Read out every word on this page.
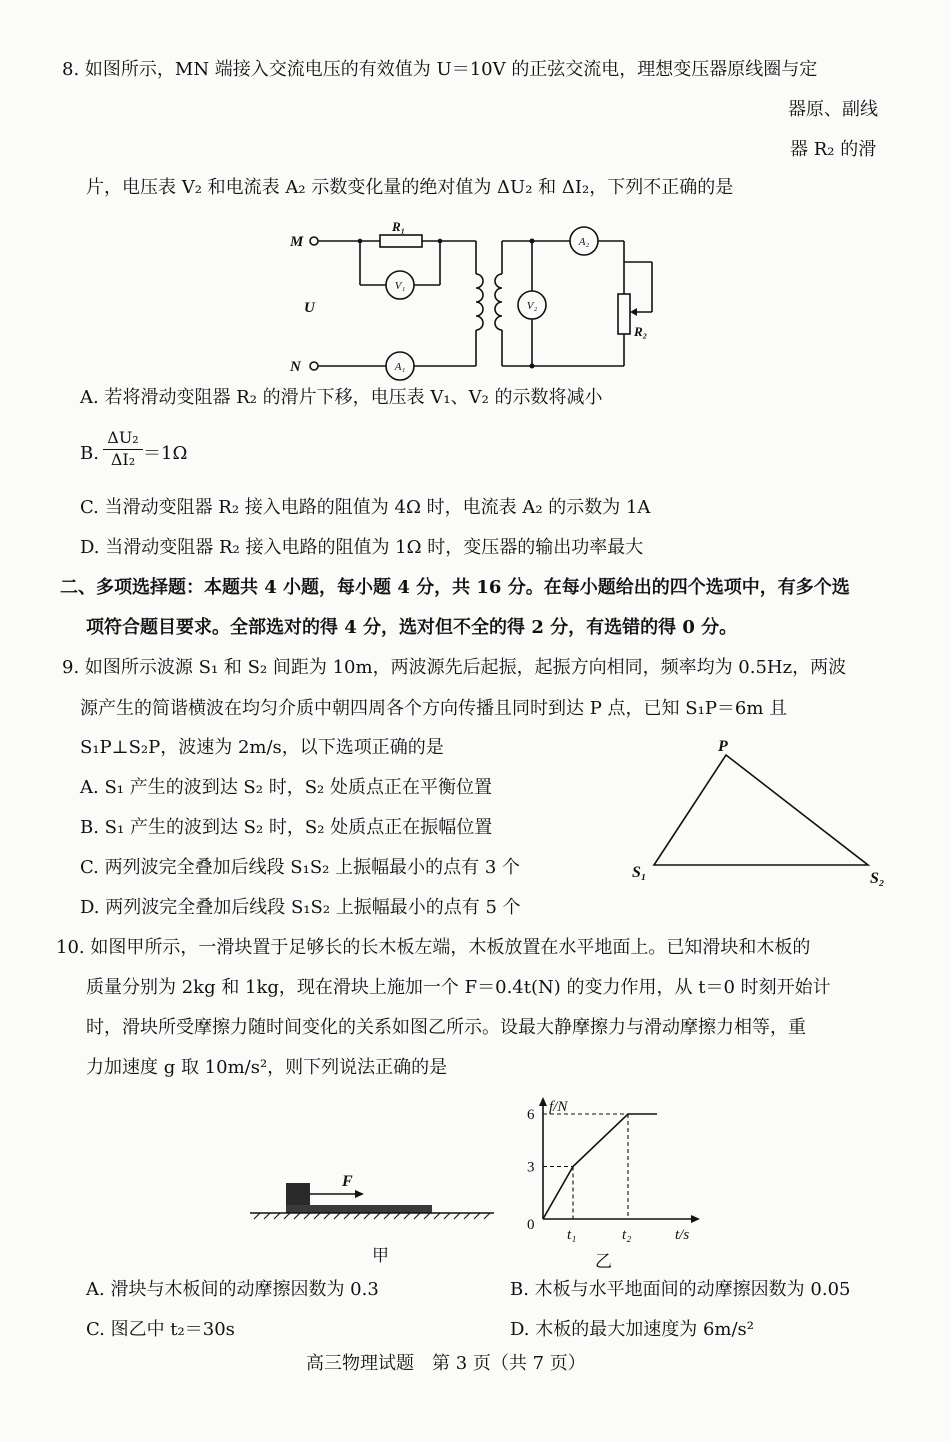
8. 如图所示，MN 端接入交流电压的有效值为 U＝10V 的正弦交流电，理想变压器原线圈与定
器原、副线
器 R₂ 的滑
片，电压表 V₂ 和电流表 A₂ 示数变化量的绝对值为 ΔU₂ 和 ΔI₂，下列不正确的是
M
N
U
R₁
R₂
V₁
V₂
A₁
A₂
A. 若将滑动变阻器 R₂ 的滑片下移，电压表 V₁、V₂ 的示数将减小
B. $\frac{\text{ΔU₂}}{\text{ΔI₂}} =1\Omega$
C. 当滑动变阻器 R₂ 接入电路的阻值为 4Ω 时，电流表 A₂ 的示数为 1A
D. 当滑动变阻器 R₂ 接入电路的阻值为 1Ω 时，变压器的输出功率最大
二、多项选择题：本题共 4 小题，每小题 4 分，共 16 分。在每小题给出的四个选项中，有多个选
项符合题目要求。全部选对的得 4 分，选对但不全的得 2 分，有选错的得 0 分。
9. 如图所示波源 S₁ 和 S₂ 间距为 10m，两波源先后起振，起振方向相同，频率均为 0.5Hz，两波
源产生的简谐横波在均匀介质中朝四周各个方向传播且同时到达 P 点，已知 S₁P＝6m 且
S₁P⊥S₂P，波速为 2m/s，以下选项正确的是
A. S₁ 产生的波到达 S₂ 时，S₂ 处质点正在平衡位置
B. S₁ 产生的波到达 S₂ 时，S₂ 处质点正在振幅位置
C. 两列波完全叠加后线段 S₁S₂ 上振幅最小的点有 3 个
D. 两列波完全叠加后线段 S₁S₂ 上振幅最小的点有 5 个
P
S₁	S₂
10. 如图甲所示，一滑块置于足够长的长木板左端，木板放置在水平地面上。已知滑块和木板的
质量分别为 2kg 和 1kg，现在滑块上施加一个 F＝0.4t(N) 的变力作用，从 t＝0 时刻开始计
时，滑块所受摩擦力随时间变化的关系如图乙所示。设最大静摩擦力与滑动摩擦力相等，重
力加速度 g 取 10m/s²，则下列说法正确的是
F
甲
f/N
t/s
0
3
6
t₁	t₂
乙
A. 滑块与木板间的动摩擦因数为 0.3	B. 木板与水平地面间的动摩擦因数为 0.05
C. 图乙中 t₂＝30s	D. 木板的最大加速度为 6m/s²
高三物理试题　第 3 页（共 7 页）
